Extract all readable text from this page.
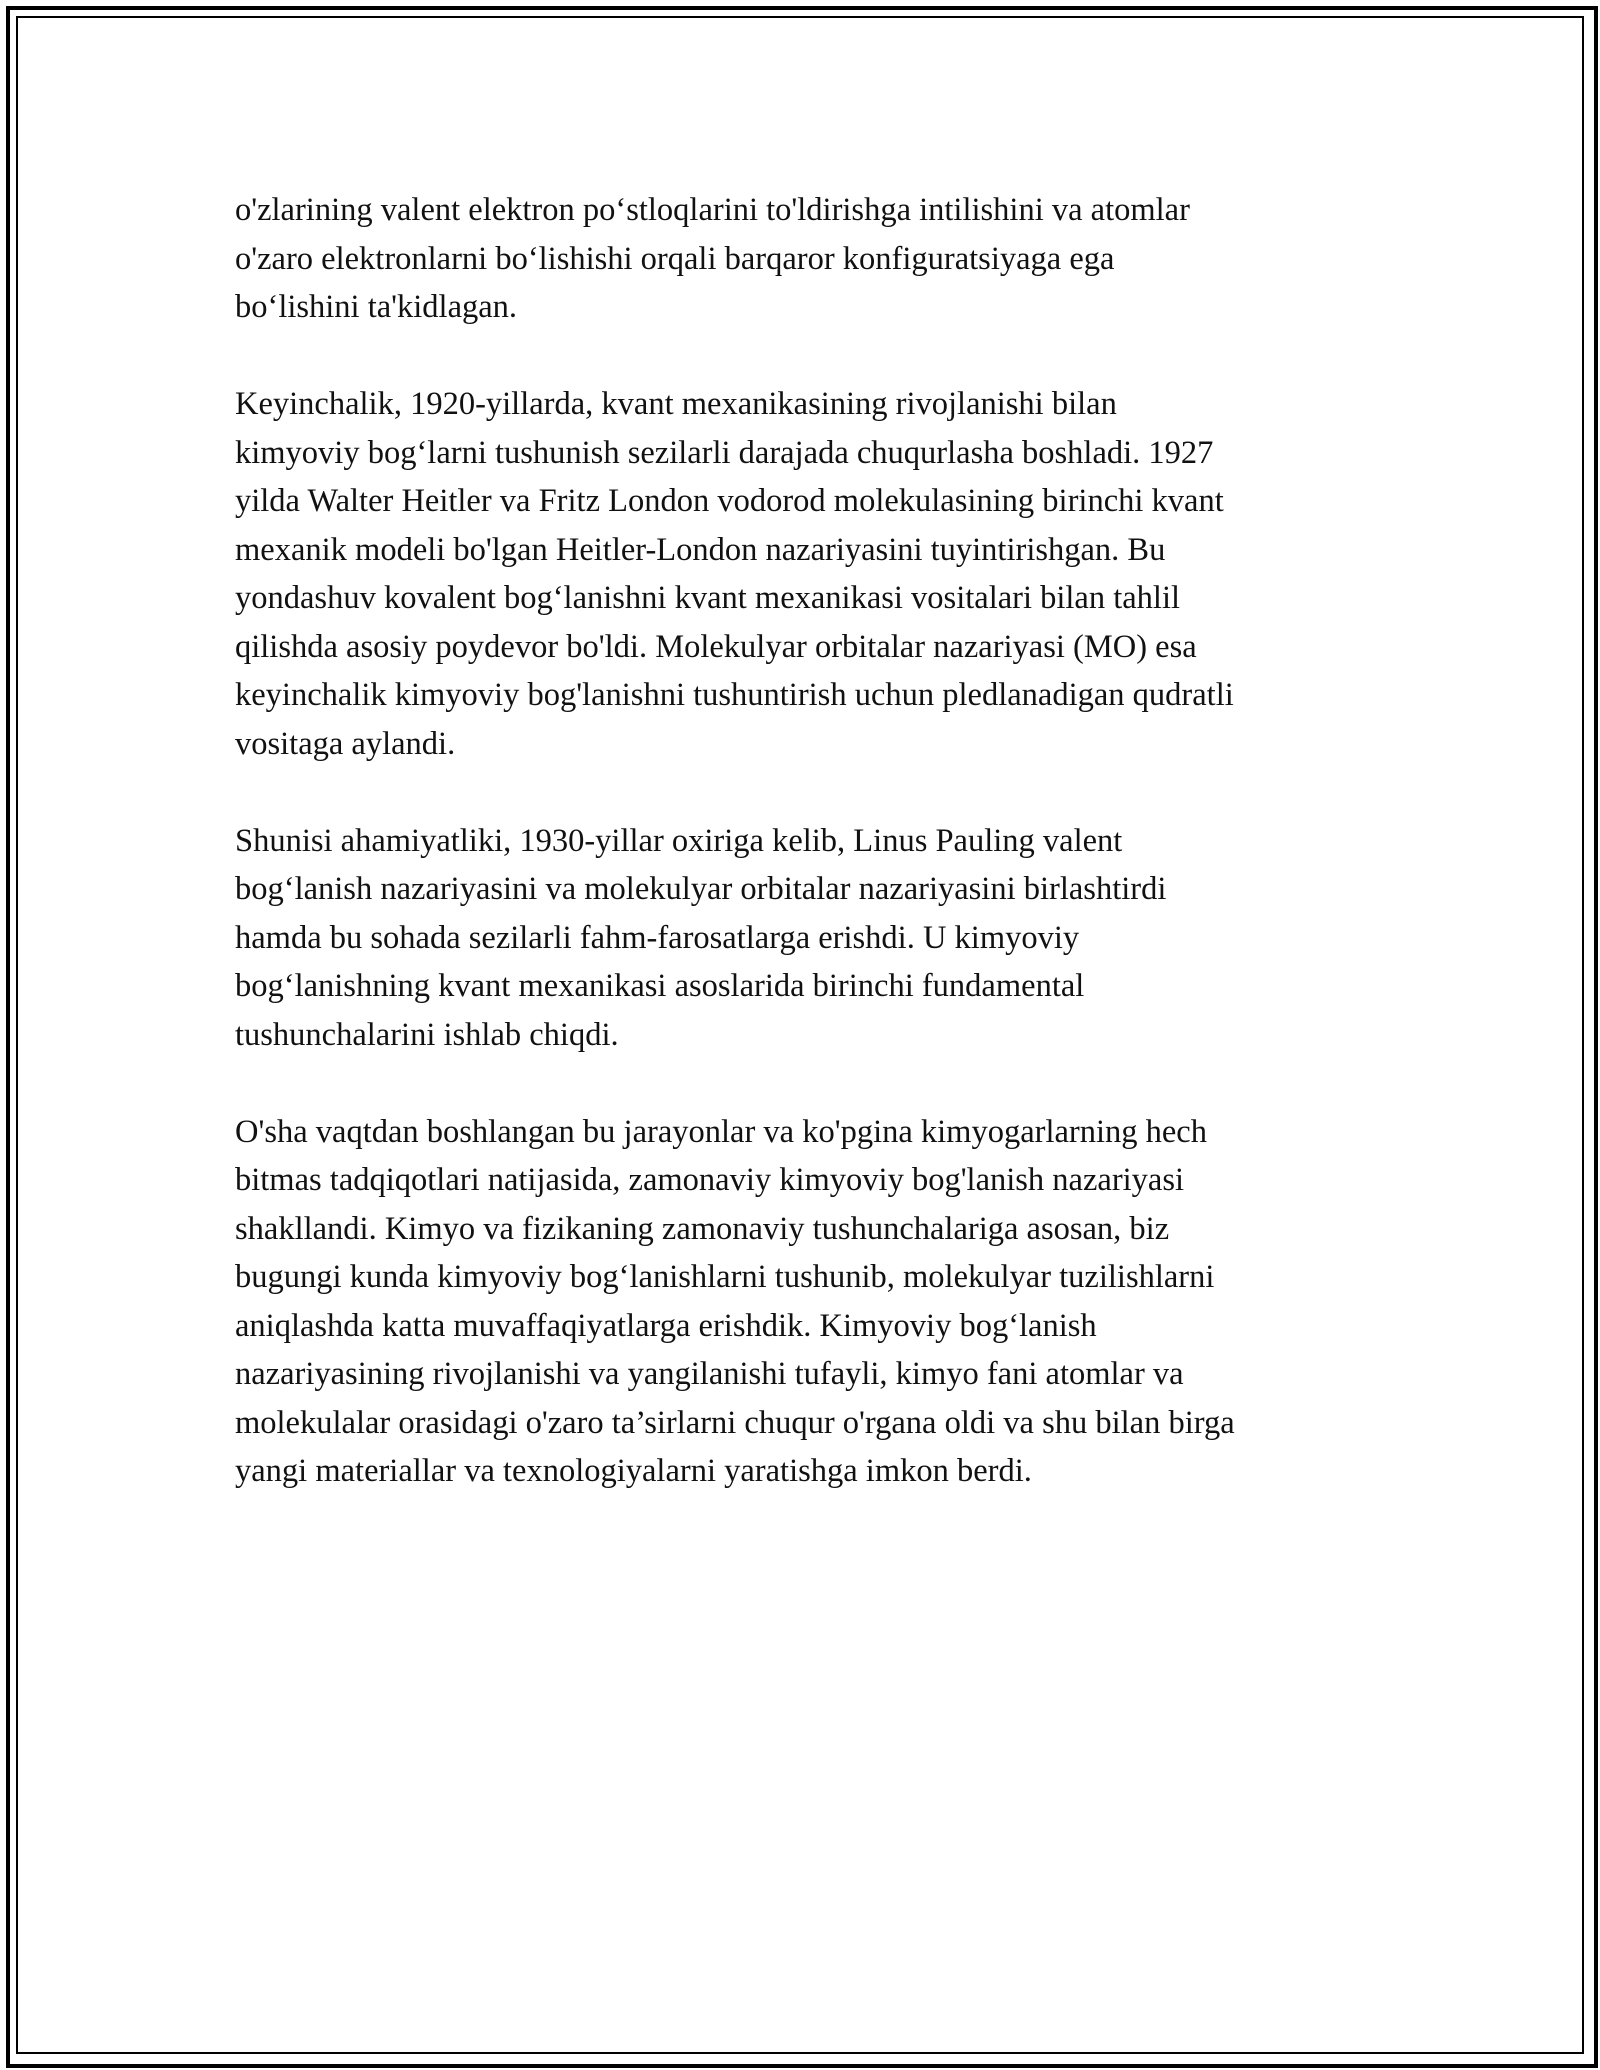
o'zlarining valent elektron po‘stloqlarini to'ldirishga intilishini va atomlar
o'zaro elektronlarni bo‘lishishi orqali barqaror konfiguratsiyaga ega
bo‘lishini ta'kidlagan.

Keyinchalik, 1920-yillarda, kvant mexanikasining rivojlanishi bilan
kimyoviy bog‘larni tushunish sezilarli darajada chuqurlasha boshladi. 1927
yilda Walter Heitler va Fritz London vodorod molekulasining birinchi kvant
mexanik modeli bo'lgan Heitler-London nazariyasini tuyintirishgan. Bu
yondashuv kovalent bog‘lanishni kvant mexanikasi vositalari bilan tahlil
qilishda asosiy poydevor bo'ldi. Molekulyar orbitalar nazariyasi (MO) esa
keyinchalik kimyoviy bog'lanishni tushuntirish uchun pledlanadigan qudratli
vositaga aylandi.

Shunisi ahamiyatliki, 1930-yillar oxiriga kelib, Linus Pauling valent
bog‘lanish nazariyasini va molekulyar orbitalar nazariyasini birlashtirdi
hamda bu sohada sezilarli fahm-farosatlarga erishdi. U kimyoviy
bog‘lanishning kvant mexanikasi asoslarida birinchi fundamental
tushunchalarini ishlab chiqdi.

O'sha vaqtdan boshlangan bu jarayonlar va ko'pgina kimyogarlarning hech
bitmas tadqiqotlari natijasida, zamonaviy kimyoviy bog'lanish nazariyasi
shakllandi. Kimyo va fizikaning zamonaviy tushunchalariga asosan, biz
bugungi kunda kimyoviy bog‘lanishlarni tushunib, molekulyar tuzilishlarni
aniqlashda katta muvaffaqiyatlarga erishdik. Kimyoviy bog‘lanish
nazariyasining rivojlanishi va yangilanishi tufayli, kimyo fani atomlar va
molekulalar orasidagi o'zaro ta’sirlarni chuqur o'rgana oldi va shu bilan birga
yangi materiallar va texnologiyalarni yaratishga imkon berdi.
